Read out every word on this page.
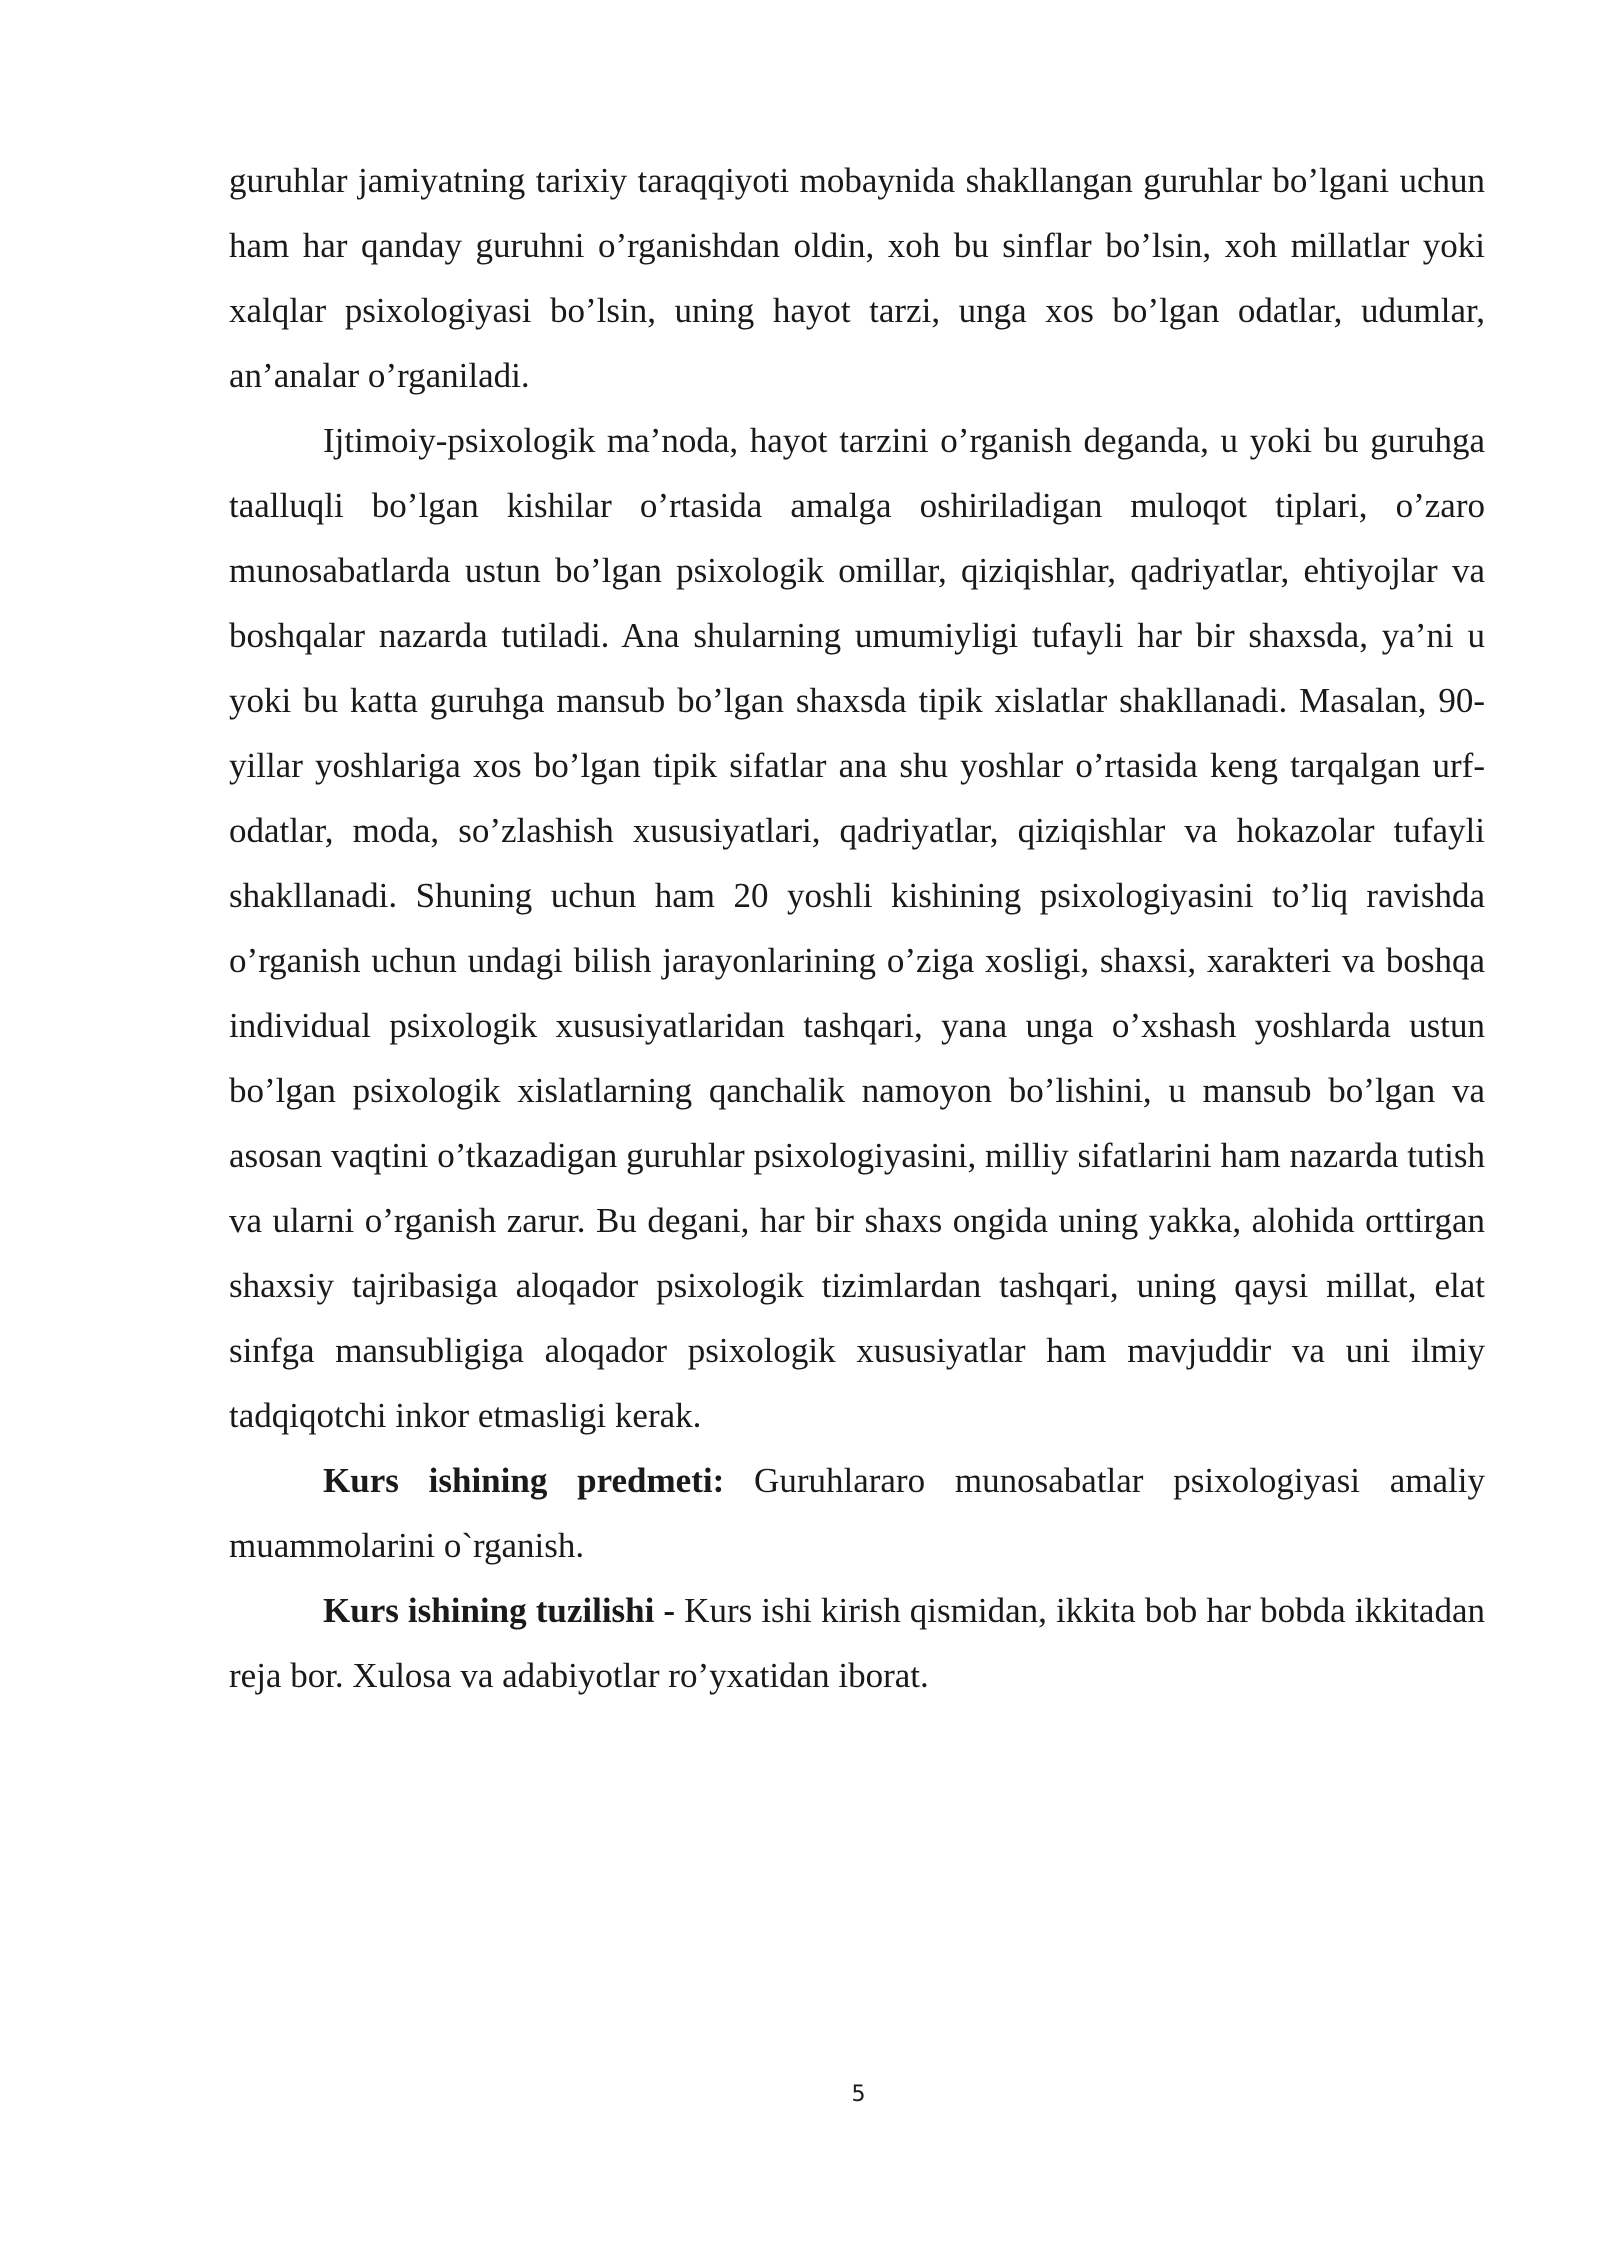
guruhlar jamiyatning tarixiy taraqqiyoti mobaynida shakllangan guruhlar bo’lgani uchun ham har qanday guruhni o’rganishdan oldin, xoh bu sinflar bo’lsin, xoh millatlar yoki xalqlar psixologiyasi bo’lsin, uning hayot tarzi, unga xos bo’lgan odatlar, udumlar, an’analar o’rganiladi.

Ijtimoiy-psixologik ma’noda, hayot tarzini o’rganish deganda, u yoki bu guruhga taalluqli bo’lgan kishilar o’rtasida amalga oshiriladigan muloqot tiplari, o’zaro munosabatlarda ustun bo’lgan psixologik omillar, qiziqishlar, qadriyatlar, ehtiyojlar va boshqalar nazarda tutiladi. Ana shularning umumiyligi tufayli har bir shaxsda, ya’ni u yoki bu katta guruhga mansub bo’lgan shaxsda tipik xislatlar shakllanadi. Masalan, 90-yillar yoshlariga xos bo’lgan tipik sifatlar ana shu yoshlar o’rtasida keng tarqalgan urf-odatlar, moda, so’zlashish xususiyatlari, qadriyatlar, qiziqishlar va hokazolar tufayli shakllanadi. Shuning uchun ham 20 yoshli kishining psixologiyasini to’liq ravishda o’rganish uchun undagi bilish jarayonlarining o’ziga xosligi, shaxsi, xarakteri va boshqa individual psixologik xususiyatlaridan tashqari, yana unga o’xshash yoshlarda ustun bo’lgan psixologik xislatlarning qanchalik namoyon bo’lishini, u mansub bo’lgan va asosan vaqtini o’tkazadigan guruhlar psixologiyasini, milliy sifatlarini ham nazarda tutish va ularni o’rganish zarur. Bu degani, har bir shaxs ongida uning yakka, alohida orttirgan shaxsiy tajribasiga aloqador psixologik tizimlardan tashqari, uning qaysi millat, elat sinfga mansubligiga aloqador psixologik xususiyatlar ham mavjuddir va uni ilmiy tadqiqotchi inkor etmasligi kerak.

Kurs ishining predmeti: Guruhlararo munosabatlar psixologiyasi amaliy muammolarini o`rganish.

Kurs ishining tuzilishi - Kurs ishi kirish qismidan, ikkita bob har bobda ikkitadan reja bor. Xulosa va adabiyotlar ro’yxatidan iborat.

5
